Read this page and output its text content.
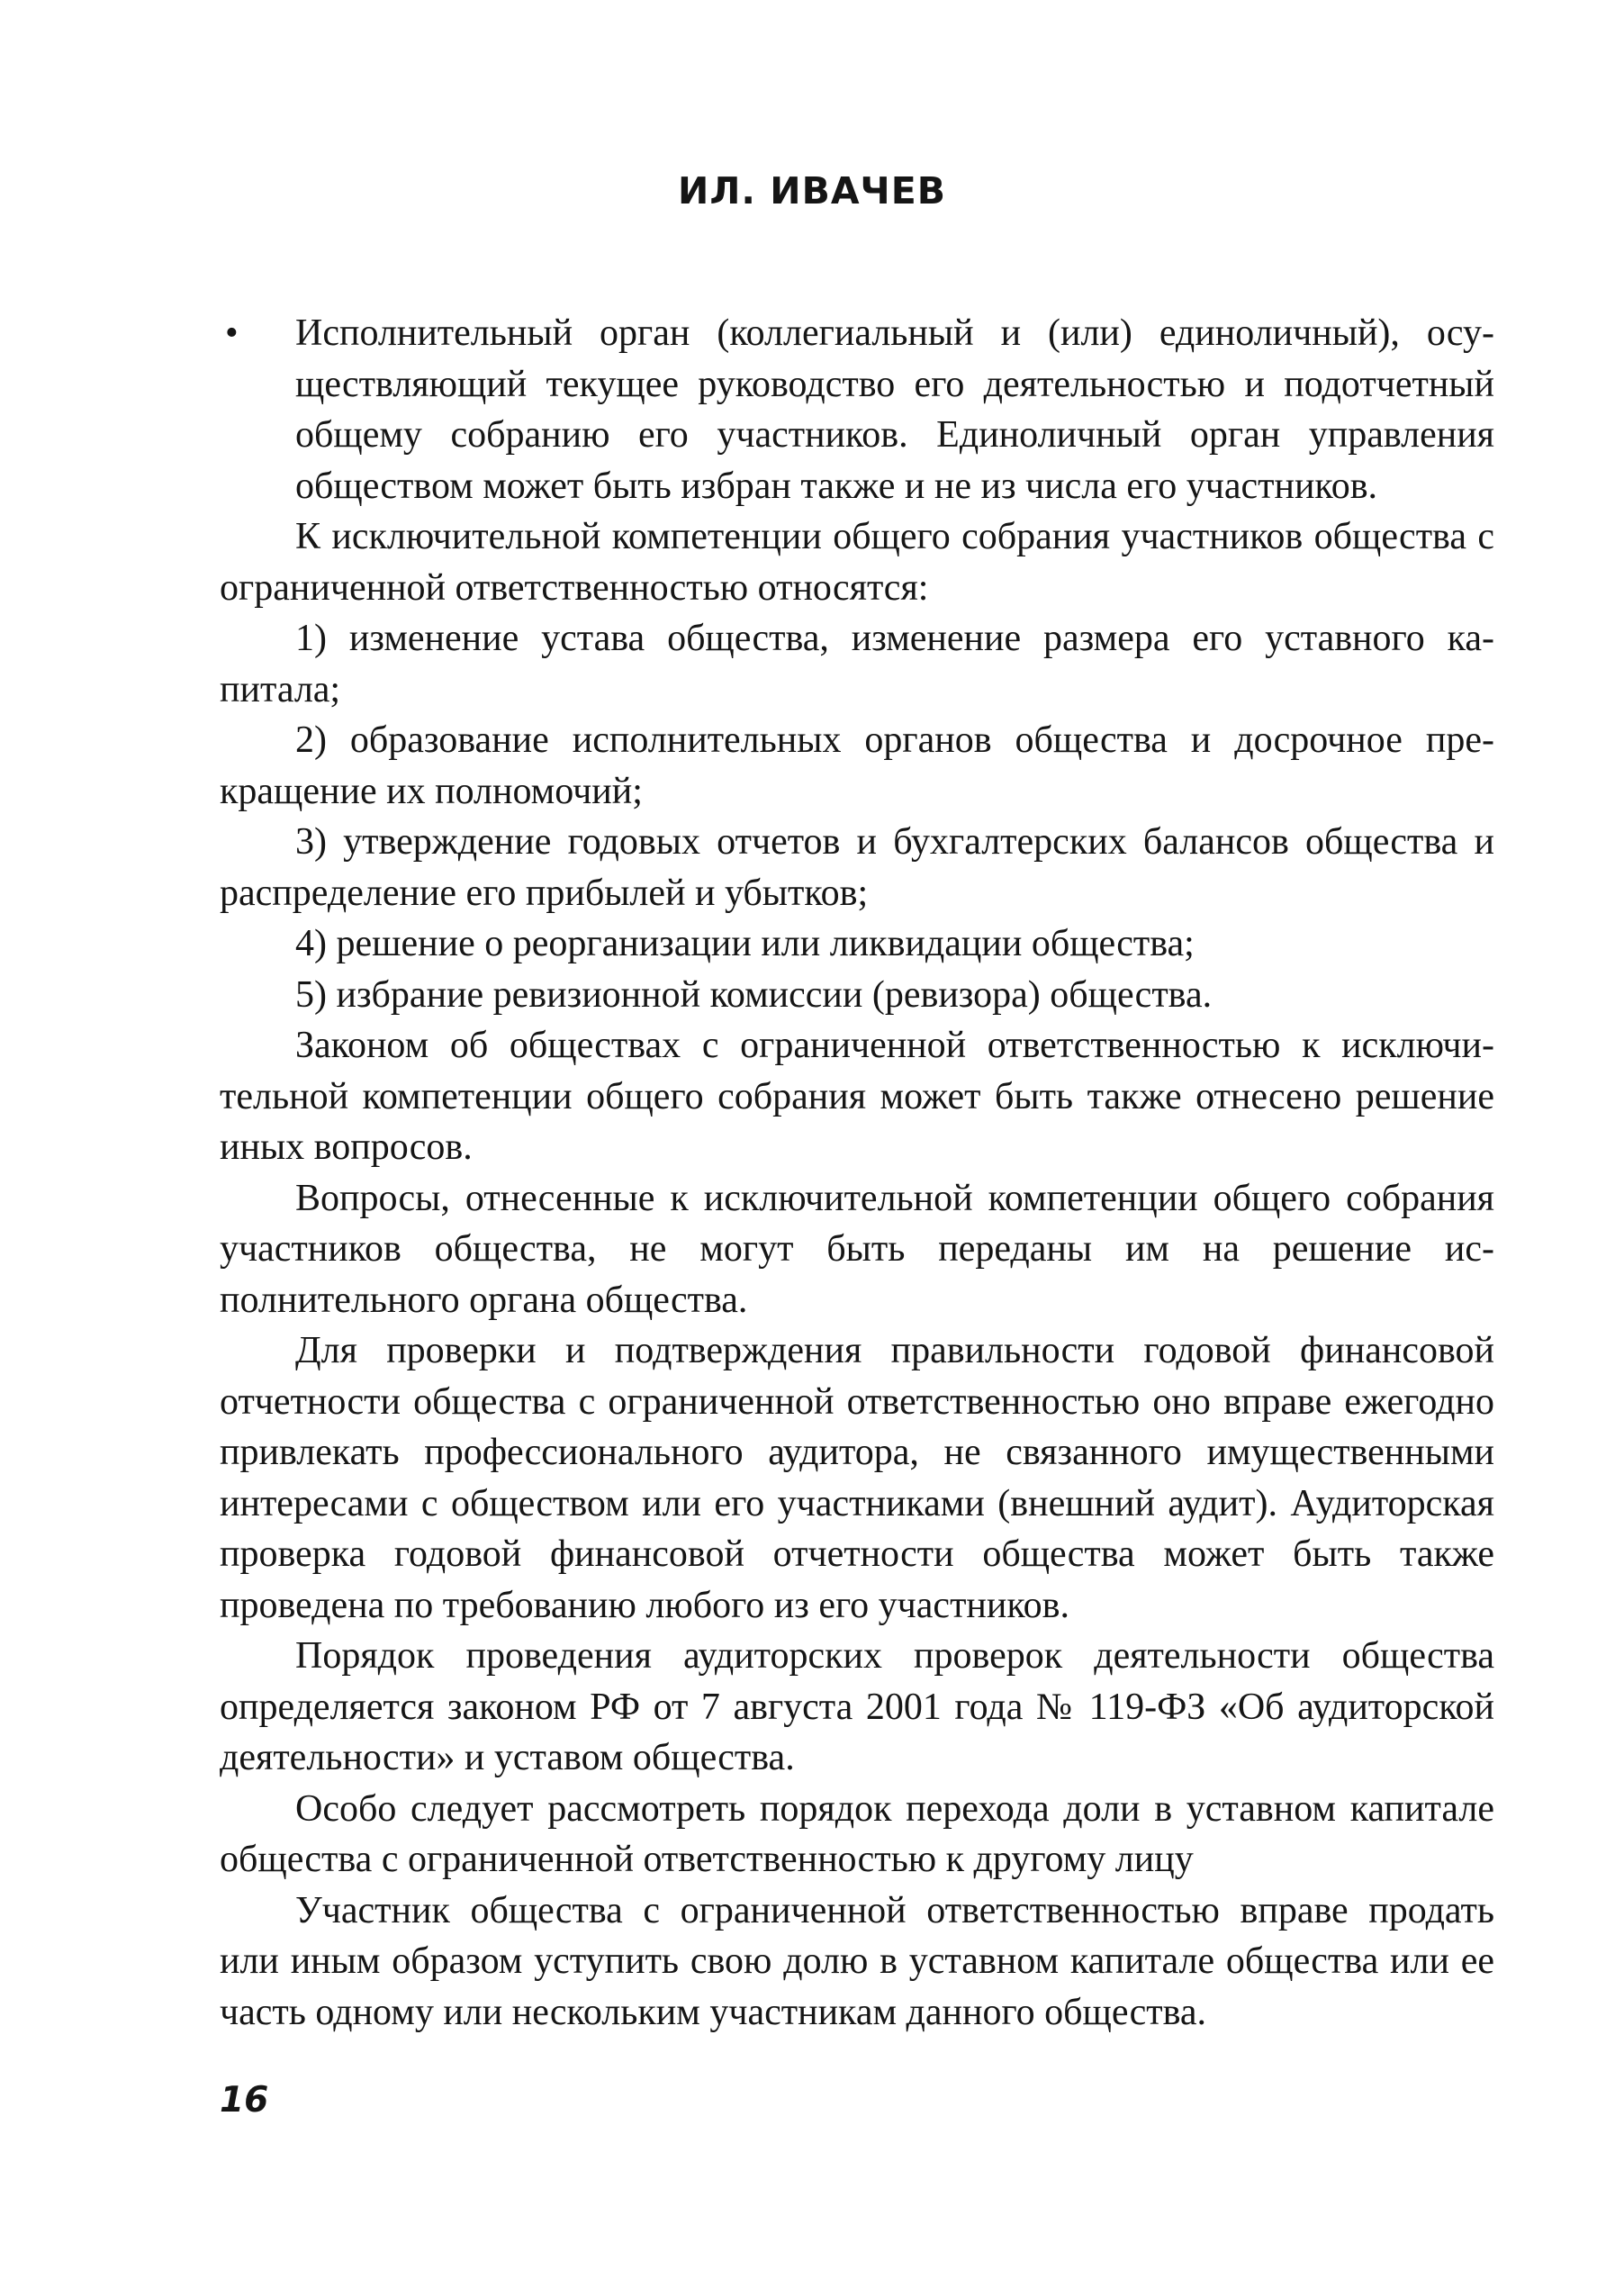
ИЛ. ИВАЧЕВ
• Исполнительный орган (коллегиальный и (или) единоличный), осуществляющий текущее руководство его деятельностью и подотчетный общему собранию его участников. Единоличный орган управления обществом может быть избран также и не из числа его участников.

К исключительной компетенции общего собрания участников общества с ограниченной ответственностью относятся:

1) изменение устава общества, изменение размера его уставного капитала;

2) образование исполнительных органов общества и досрочное прекращение их полномочий;

3) утверждение годовых отчетов и бухгалтерских балансов общества и распределение его прибылей и убытков;

4) решение о реорганизации или ликвидации общества;

5) избрание ревизионной комиссии (ревизора) общества.

Законом об обществах с ограниченной ответственностью к исключительной компетенции общего собрания может быть также отнесено решение иных вопросов.

Вопросы, отнесенные к исключительной компетенции общего собрания участников общества, не могут быть переданы им на решение исполнительного органа общества.

Для проверки и подтверждения правильности годовой финансовой отчетности общества с ограниченной ответственностью оно вправе ежегодно привлекать профессионального аудитора, не связанного имущественными интересами с обществом или его участниками (внешний аудит). Аудиторская проверка годовой финансовой отчетности общества может быть также проведена по требованию любого из его участников.

Порядок проведения аудиторских проверок деятельности общества определяется законом РФ от 7 августа 2001 года № 119-ФЗ «Об аудиторской деятельности» и уставом общества.

Особо следует рассмотреть порядок перехода доли в уставном капитале общества с ограниченной ответственностью к другому лицу

Участник общества с ограниченной ответственностью вправе продать или иным образом уступить свою долю в уставном капитале общества или ее часть одному или нескольким участникам данного общества.

16
